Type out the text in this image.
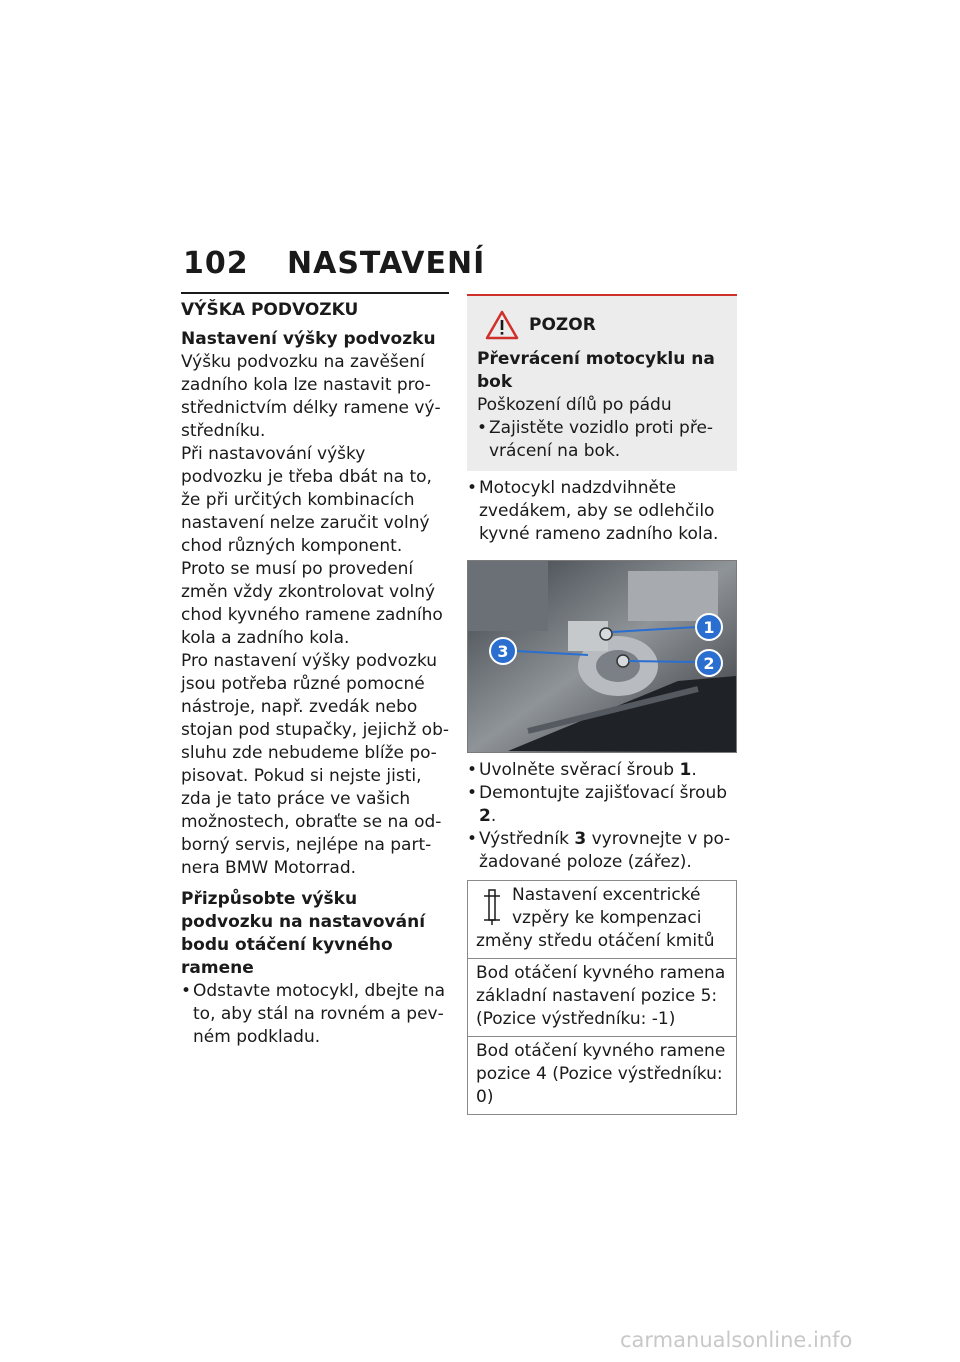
102 NASTAVENÍ
VÝŠKA PODVOZKU
Nastavení výšky podvozku

Výšku podvozku na zavěšení zadního kola lze nastavit prostřednictvím délky ramene výstředníku.

Při nastavování výšky podvozku je třeba dbát na to, že při určitých kombinacích nastavení nelze zaručit volný chod různých komponent. Proto se musí po provedení změn vždy zkontrolovat volný chod kyvného ramene zadního kola a zadního kola.

Pro nastavení výšky podvozku jsou potřeba různé pomocné nástroje, např. zvedák nebo stojan pod stupačky, jejichž obsluhu zde nebudeme blíže popisovat. Pokud si nejste jisti, zda je tato práce ve vašich možnostech, obraťte se na odborný servis, nejlépe na partnera BMW Motorrad.

Přizpůsobte výšku podvozku na nastavování bodu otáčení kyvného ramene
• Odstavte motocykl, dbejte na to, aby stál na rovném a pevném podkladu.
POZOR
Převrácení motocyklu na bok

Poškození dílů po pádu

• Zajistěte vozidlo proti převrácení na bok.
• Motocykl nadzdvihněte zvedákem, aby se odlehčilo kyvné rameno zadního kola.
1
2
3
• Uvolněte svěrací šroub 1.
• Demontujte zajišťovací šroub 2.
• Výstředník 3 vyrovnejte v požadované poloze (zářez).
Nastavení excentrické vzpěry ke kompenzaci změny středu otáčení kmitů
Bod otáčení kyvného ramena základní nastavení pozice 5: (Pozice výstředníku: -1)
Bod otáčení kyvného ramene pozice 4 (Pozice výstředníku: 0)
carmanualsonline.info
